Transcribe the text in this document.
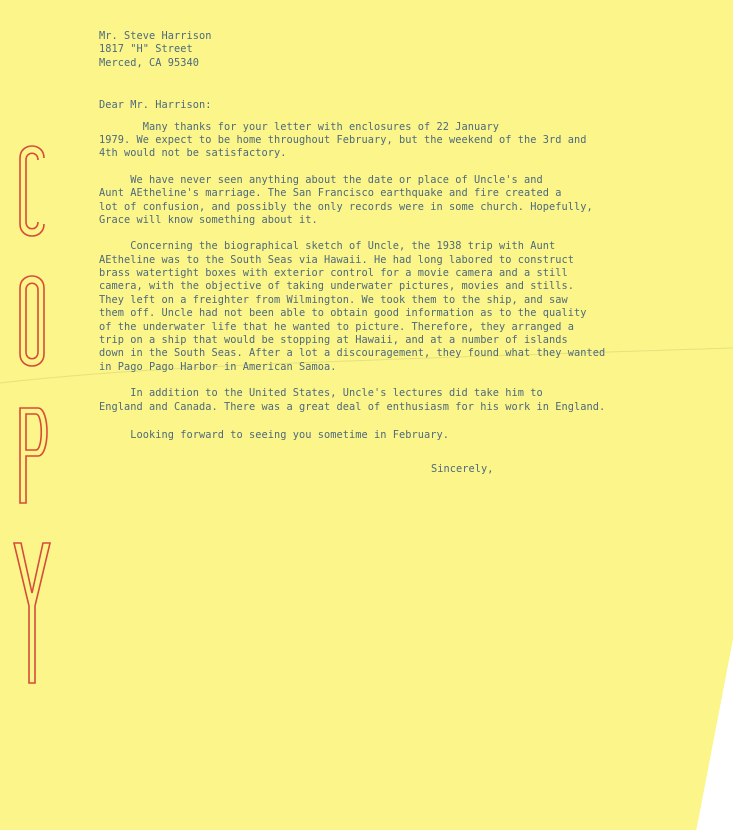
Mr. Steve Harrison
1817 "H" Street
Merced, CA 95340
Dear Mr. Harrison:
Many thanks for your letter with enclosures of 22 January
1979. We expect to be home throughout February, but the weekend of the 3rd and
4th would not be satisfactory.
We have never seen anything about the date or place of Uncle's and
Aunt AEtheline's marriage. The San Francisco earthquake and fire created a
lot of confusion, and possibly the only records were in some church. Hopefully,
Grace will know something about it.
Concerning the biographical sketch of Uncle, the 1938 trip with Aunt
AEtheline was to the South Seas via Hawaii. He had long labored to construct
brass watertight boxes with exterior control for a movie camera and a still
camera, with the objective of taking underwater pictures, movies and stills.
They left on a freighter from Wilmington. We took them to the ship, and saw
them off. Uncle had not been able to obtain good information as to the quality
of the underwater life that he wanted to picture. Therefore, they arranged a
trip on a ship that would be stopping at Hawaii, and at a number of islands
down in the South Seas. After a lot a discouragement, they found what they wanted
in Pago Pago Harbor in American Samoa.
In addition to the United States, Uncle's lectures did take him to
England and Canada. There was a great deal of enthusiasm for his work in England.
Looking forward to seeing you sometime in February.
Sincerely,
